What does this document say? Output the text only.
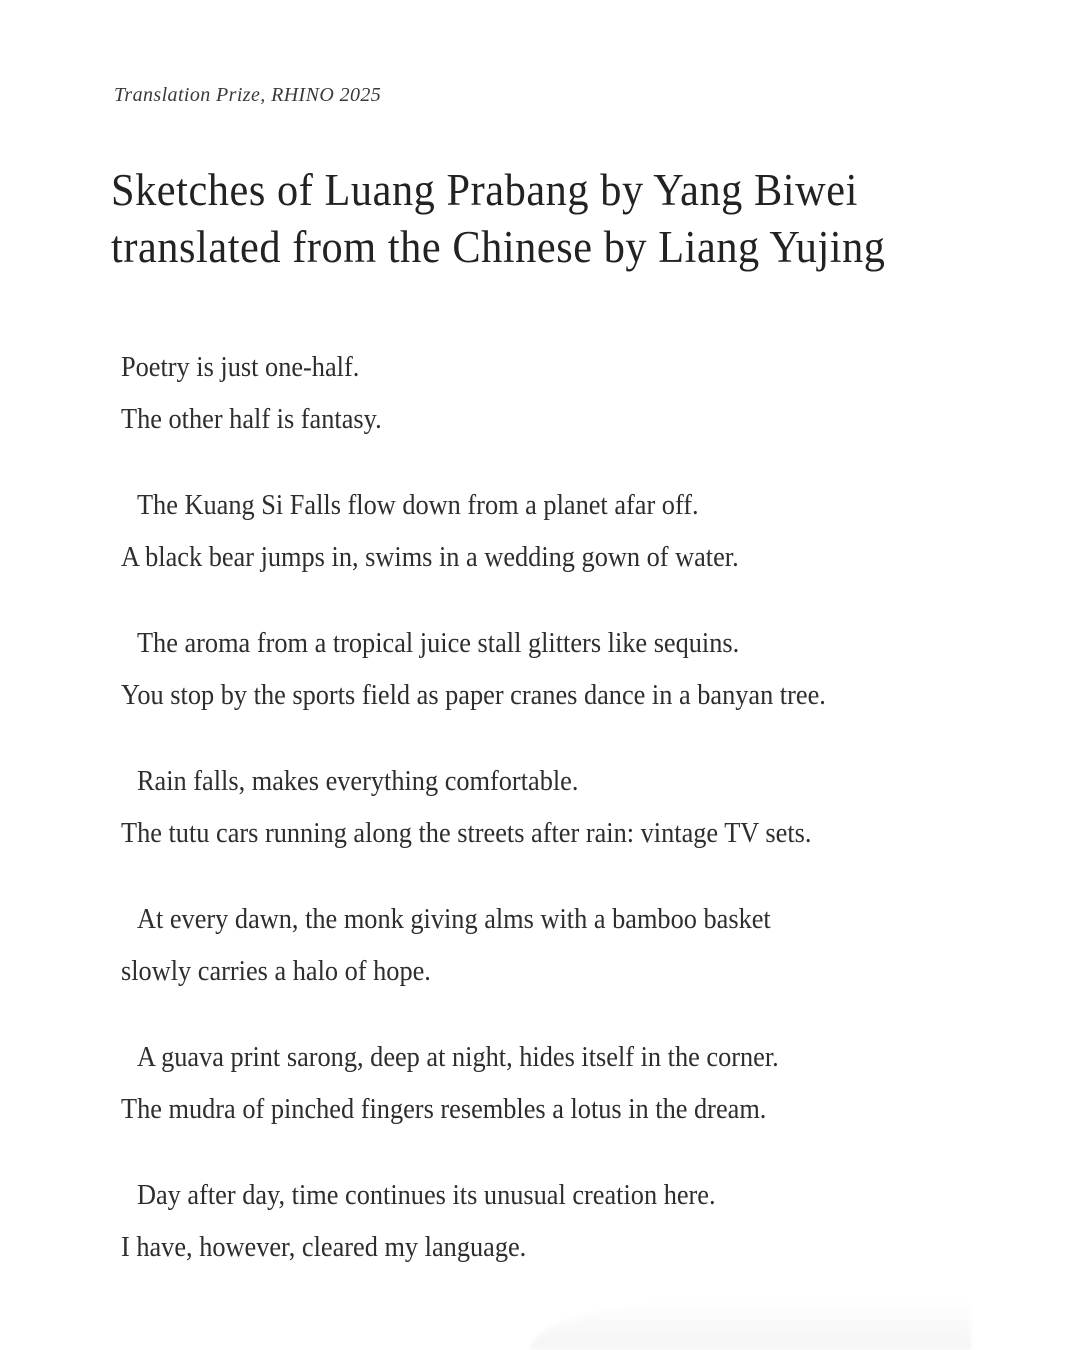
Translation Prize, RHINO 2025
Sketches of Luang Prabang by Yang Biwei
translated from the Chinese by Liang Yujing

Poetry is just one-half.

The other half is fantasy.

The Kuang Si Falls flow down from a planet afar off.

A black bear jumps in, swims in a wedding gown of water.

The aroma from a tropical juice stall glitters like sequins.

You stop by the sports field as paper cranes dance in a banyan tree.

Rain falls, makes everything comfortable.

The tutu cars running along the streets after rain: vintage TV sets.

At every dawn, the monk giving alms with a bamboo basket

slowly carries a halo of hope.

A guava print sarong, deep at night, hides itself in the corner.

The mudra of pinched fingers resembles a lotus in the dream.

Day after day, time continues its unusual creation here.

I have, however, cleared my language.
